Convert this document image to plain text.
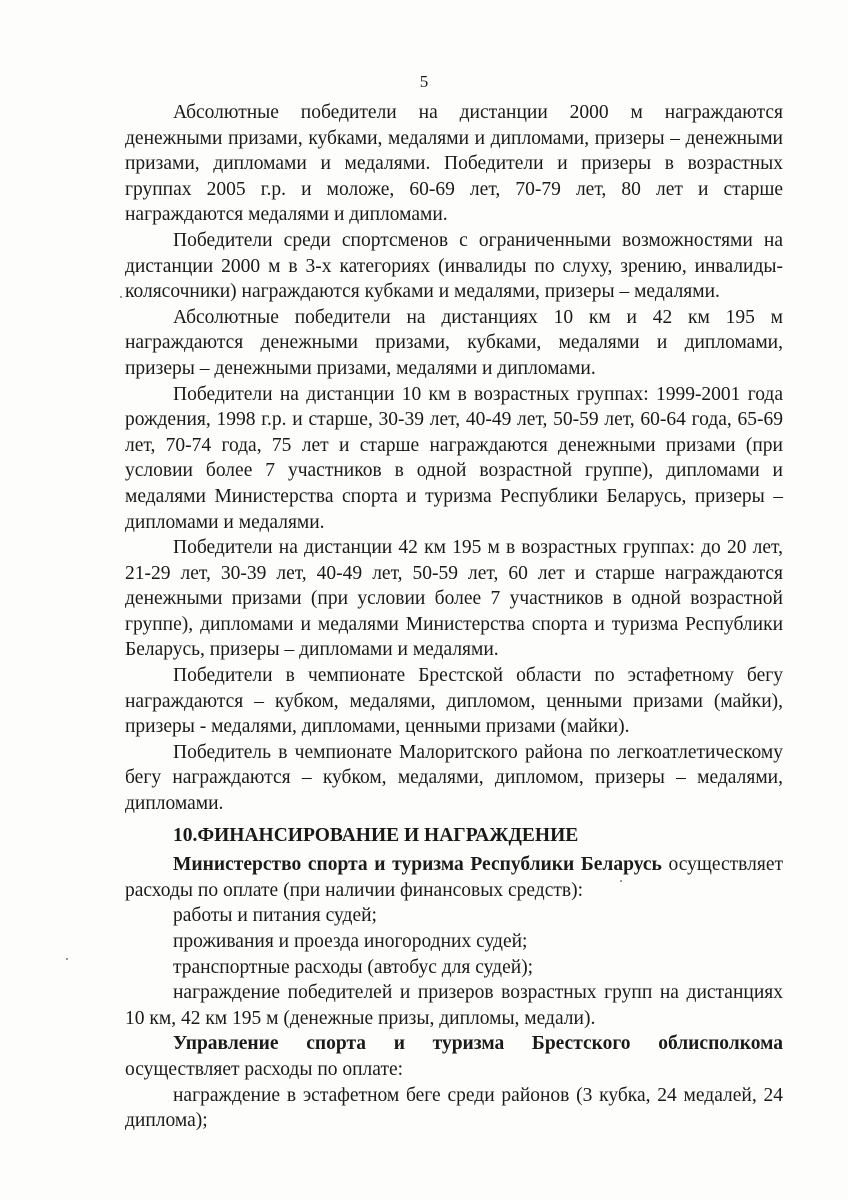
5

Абсолютные победители на дистанции 2000 м награждаются денежными призами, кубками, медалями и дипломами, призеры – денежными призами, дипломами и медалями. Победители и призеры в возрастных группах 2005 г.р. и моложе, 60-69 лет, 70-79 лет, 80 лет и старше награждаются медалями и дипломами.

Победители среди спортсменов с ограниченными возможностями на дистанции 2000 м в 3-х категориях (инвалиды по слуху, зрению, инвалиды-колясочники) награждаются кубками и медалями, призеры – медалями.

Абсолютные победители на дистанциях 10 км и 42 км 195 м награждаются денежными призами, кубками, медалями и дипломами, призеры – денежными призами, медалями и дипломами.

Победители на дистанции 10 км в возрастных группах: 1999-2001 года рождения, 1998 г.р. и старше, 30-39 лет, 40-49 лет, 50-59 лет, 60-64 года, 65-69 лет, 70-74 года, 75 лет и старше награждаются денежными призами (при условии более 7 участников в одной возрастной группе), дипломами и медалями Министерства спорта и туризма Республики Беларусь, призеры – дипломами и медалями.

Победители на дистанции 42 км 195 м в возрастных группах: до 20 лет, 21-29 лет, 30-39 лет, 40-49 лет, 50-59 лет, 60 лет и старше награждаются денежными призами (при условии более 7 участников в одной возрастной группе), дипломами и медалями Министерства спорта и туризма Республики Беларусь, призеры – дипломами и медалями.

Победители в чемпионате Брестской области по эстафетному бегу награждаются – кубком, медалями, дипломом, ценными призами (майки), призеры - медалями, дипломами, ценными призами (майки).

Победитель в чемпионате Малоритского района по легкоатлетическому бегу награждаются – кубком, медалями, дипломом, призеры – медалями, дипломами.

10.ФИНАНСИРОВАНИЕ И НАГРАЖДЕНИЕ

Министерство спорта и туризма Республики Беларусь осуществляет расходы по оплате (при наличии финансовых средств):

работы и питания судей;

проживания и проезда иногородних судей;

транспортные расходы (автобус для судей);

награждение победителей и призеров возрастных групп на дистанциях 10 км, 42 км 195 м (денежные призы, дипломы, медали).

Управление спорта и туризма Брестского облисполкома осуществляет расходы по оплате:

награждение в эстафетном беге среди районов (3 кубка, 24 медалей, 24 диплома);
